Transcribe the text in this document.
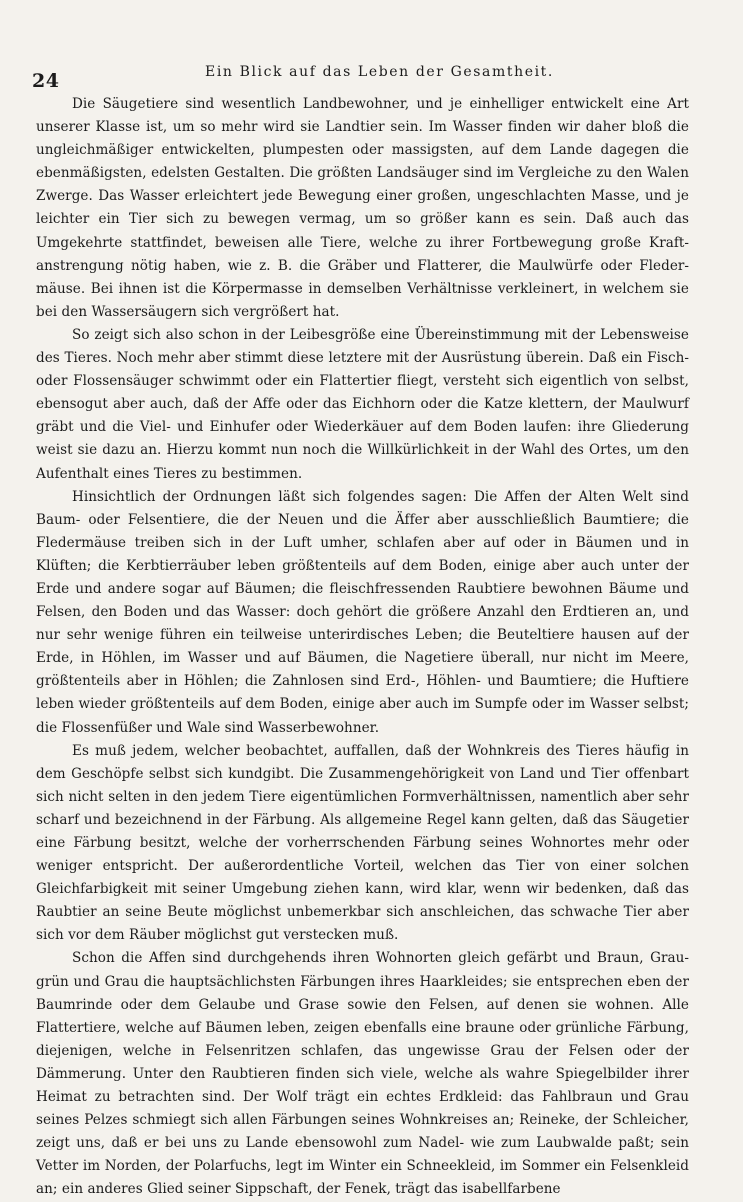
24	Ein Blick auf das Leben der Gesamtheit.

Die Säugetiere sind wesentlich Landbewohner, und je einhelliger entwickelt eine Art unserer Klasse ist, um so mehr wird sie Landtier sein. Im Wasser finden wir daher bloß die ungleichmäßiger entwickelten, plumpesten oder massigsten, auf dem Lande dagegen die ebenmäßigsten, edelsten Gestalten. Die größten Landsäuger sind im Vergleiche zu den Walen Zwerge. Das Wasser erleichtert jede Bewegung einer großen, ungeschlachten Masse, und je leichter ein Tier sich zu bewegen vermag, um so größer kann es sein. Daß auch das Umgekehrte stattfindet, beweisen alle Tiere, welche zu ihrer Fortbewegung große Kraftanstrengung nötig haben, wie z. B. die Gräber und Flatterer, die Maulwürfe oder Fledermäuse. Bei ihnen ist die Körpermasse in demselben Verhältnisse verkleinert, in welchem sie bei den Wassersäugern sich vergrößert hat.

So zeigt sich also schon in der Leibesgröße eine Übereinstimmung mit der Lebensweise des Tieres. Noch mehr aber stimmt diese letztere mit der Ausrüstung überein. Daß ein Fisch- oder Flossensäuger schwimmt oder ein Flattertier fliegt, versteht sich eigentlich von selbst, ebensogut aber auch, daß der Affe oder das Eichhorn oder die Katze klettern, der Maulwurf gräbt und die Viel- und Einhufer oder Wiederkäuer auf dem Boden laufen: ihre Gliederung weist sie dazu an. Hierzu kommt nun noch die Willkürlichkeit in der Wahl des Ortes, um den Aufenthalt eines Tieres zu bestimmen.

Hinsichtlich der Ordnungen läßt sich folgendes sagen: Die Affen der Alten Welt sind Baum- oder Felsentiere, die der Neuen und die Äffer aber ausschließlich Baumtiere; die Fledermäuse treiben sich in der Luft umher, schlafen aber auf oder in Bäumen und in Klüften; die Kerbtierräuber leben größtenteils auf dem Boden, einige aber auch unter der Erde und andere sogar auf Bäumen; die fleischfressenden Raubtiere bewohnen Bäume und Felsen, den Boden und das Wasser: doch gehört die größere Anzahl den Erdtieren an, und nur sehr wenige führen ein teilweise unterirdisches Leben; die Beuteltiere hausen auf der Erde, in Höhlen, im Wasser und auf Bäumen, die Nagetiere überall, nur nicht im Meere, größtenteils aber in Höhlen; die Zahnlosen sind Erd-, Höhlen- und Baumtiere; die Huftiere leben wieder größtenteils auf dem Boden, einige aber auch im Sumpfe oder im Wasser selbst; die Flossenfüßer und Wale sind Wasserbewohner.

Es muß jedem, welcher beobachtet, auffallen, daß der Wohnkreis des Tieres häufig in dem Geschöpfe selbst sich kundgibt. Die Zusammengehörigkeit von Land und Tier offenbart sich nicht selten in den jedem Tiere eigentümlichen Formverhältnissen, namentlich aber sehr scharf und bezeichnend in der Färbung. Als allgemeine Regel kann gelten, daß das Säugetier eine Färbung besitzt, welche der vorherrschenden Färbung seines Wohnortes mehr oder weniger entspricht. Der außerordentliche Vorteil, welchen das Tier von einer solchen Gleichfarbigkeit mit seiner Umgebung ziehen kann, wird klar, wenn wir bedenken, daß das Raubtier an seine Beute möglichst unbemerkbar sich anschleichen, das schwache Tier aber sich vor dem Räuber möglichst gut verstecken muß.

Schon die Affen sind durchgehends ihren Wohnorten gleich gefärbt und Braun, Graugrün und Grau die hauptsächlichsten Färbungen ihres Haarkleides; sie entsprechen eben der Baumrinde oder dem Gelaube und Grase sowie den Felsen, auf denen sie wohnen. Alle Flattertiere, welche auf Bäumen leben, zeigen ebenfalls eine braune oder grünliche Färbung, diejenigen, welche in Felsenritzen schlafen, das ungewisse Grau der Felsen oder der Dämmerung. Unter den Raubtieren finden sich viele, welche als wahre Spiegelbilder ihrer Heimat zu betrachten sind. Der Wolf trägt ein echtes Erdkleid: das Fahlbraun und Grau seines Pelzes schmiegt sich allen Färbungen seines Wohnkreises an; Reineke, der Schleicher, zeigt uns, daß er bei uns zu Lande ebensowohl zum Nadel- wie zum Laubwalde paßt; sein Vetter im Norden, der Polarfuchs, legt im Winter ein Schneekleid, im Sommer ein Felsenkleid an; ein anderes Glied seiner Sippschaft, der Fenek, trägt das isabellfarbene
